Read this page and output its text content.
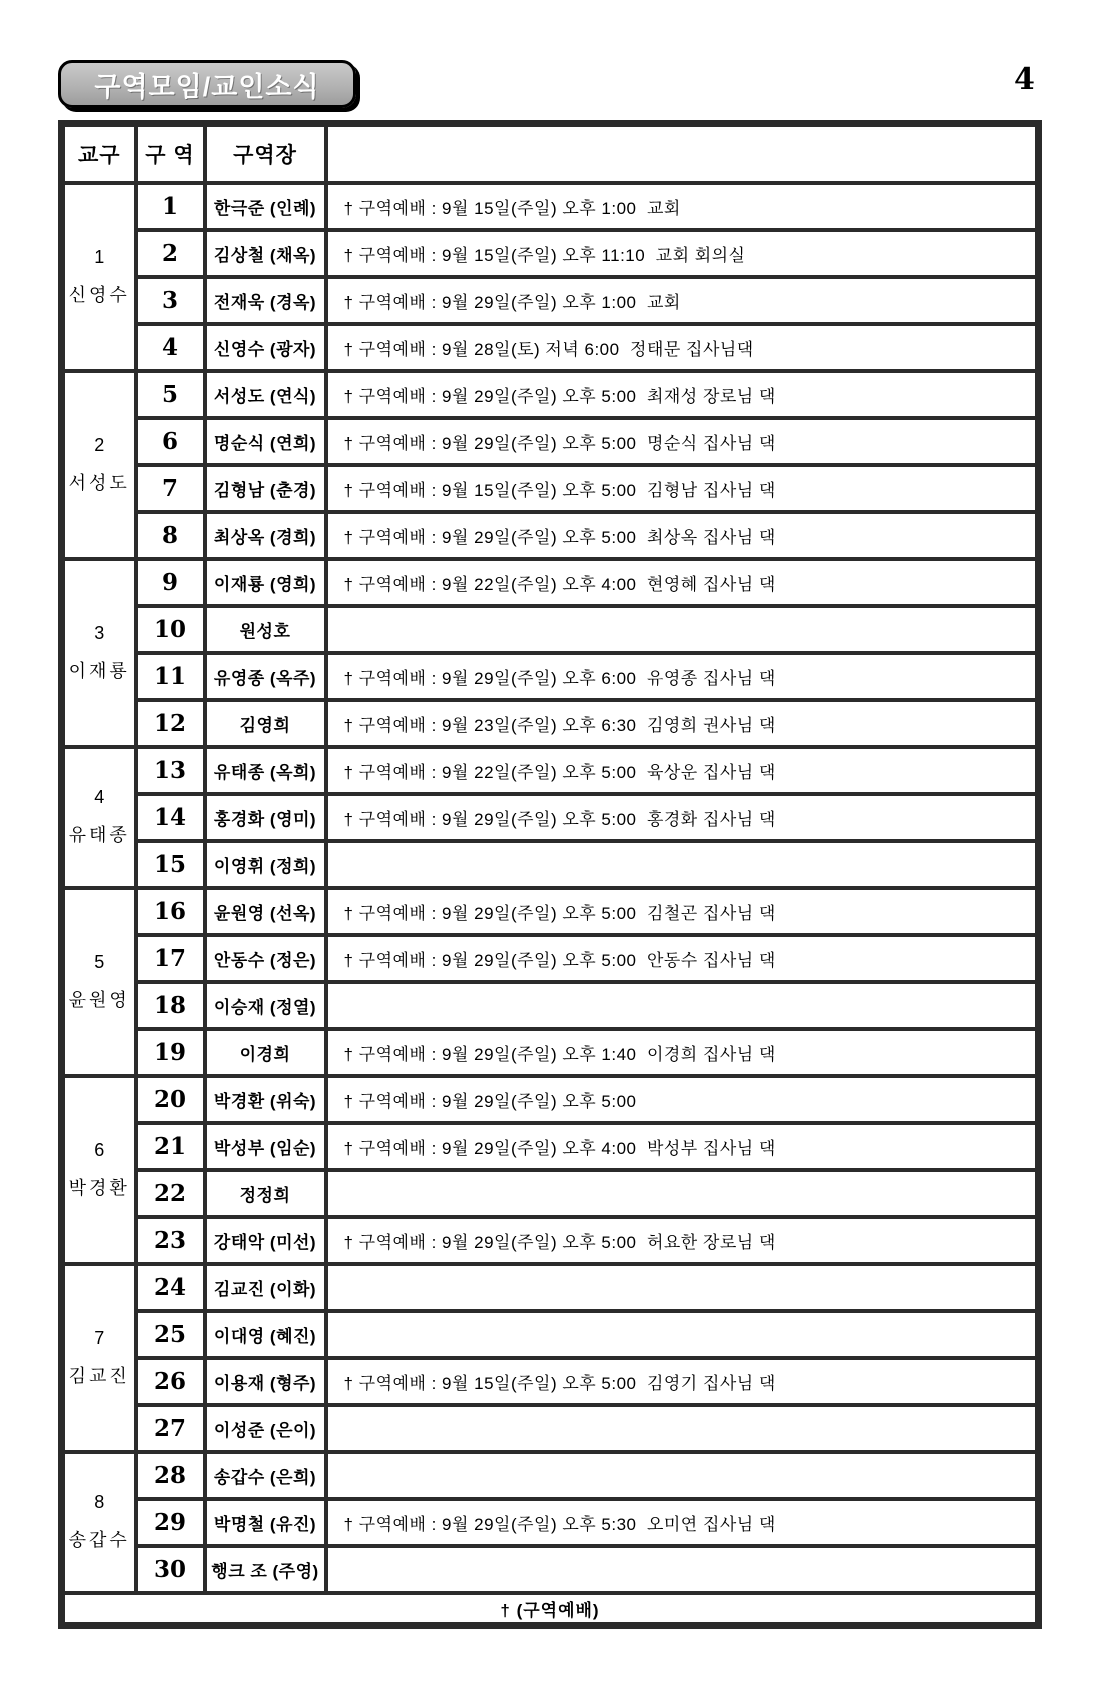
4
구역모임/교인소식
교구	구 역	구역장	구역 모임 안내

1
신영수	1	한극준 (인례)	† 구역예배 : 9월 15일(주일) 오후 1:00  교회
	2	김상철 (채옥)	† 구역예배 : 9월 15일(주일) 오후 11:10  교회 회의실
	3	전재욱 (경옥)	† 구역예배 : 9월 29일(주일) 오후 1:00  교회
	4	신영수 (광자)	† 구역예배 : 9월 28일(토) 저녁 6:00  정태문 집사님댁

2
서성도	5	서성도 (연식)	† 구역예배 : 9월 29일(주일) 오후 5:00  최재성 장로님 댁
	6	명순식 (연희)	† 구역예배 : 9월 29일(주일) 오후 5:00  명순식 집사님 댁
	7	김형남 (춘경)	† 구역예배 : 9월 15일(주일) 오후 5:00  김형남 집사님 댁
	8	최상옥 (경희)	† 구역예배 : 9월 29일(주일) 오후 5:00  최상옥 집사님 댁

3
이재룡	9	이재룡 (영희)	† 구역예배 : 9월 22일(주일) 오후 4:00  현영혜 집사님 댁
	10	원성호	
	11	유영종 (옥주)	† 구역예배 : 9월 29일(주일) 오후 6:00  유영종 집사님 댁
	12	김영희	† 구역예배 : 9월 23일(주일) 오후 6:30  김영희 권사님 댁

4
유태종	13	유태종 (옥희)	† 구역예배 : 9월 22일(주일) 오후 5:00  육상운 집사님 댁
	14	홍경화 (영미)	† 구역예배 : 9월 29일(주일) 오후 5:00  홍경화 집사님 댁
	15	이영휘 (정희)	

5
윤원영	16	윤원영 (선옥)	† 구역예배 : 9월 29일(주일) 오후 5:00  김철곤 집사님 댁
	17	안동수 (정은)	† 구역예배 : 9월 29일(주일) 오후 5:00  안동수 집사님 댁
	18	이승재 (정열)	
	19	이경희	† 구역예배 : 9월 29일(주일) 오후 1:40  이경희 집사님 댁

6
박경환	20	박경환 (위숙)	† 구역예배 : 9월 29일(주일) 오후 5:00
	21	박성부 (임순)	† 구역예배 : 9월 29일(주일) 오후 4:00  박성부 집사님 댁
	22	정정희	
	23	강태악 (미선)	† 구역예배 : 9월 29일(주일) 오후 5:00  허요한 장로님 댁

7
김교진	24	김교진 (이화)	
	25	이대영 (혜진)	
	26	이용재 (형주)	† 구역예배 : 9월 15일(주일) 오후 5:00  김영기 집사님 댁
	27	이성준 (은이)	

8
송갑수	28	송갑수 (은희)	
	29	박명철 (유진)	† 구역예배 : 9월 29일(주일) 오후 5:30  오미연 집사님 댁
	30	행크 조 (주영)	
† (구역예배)			
